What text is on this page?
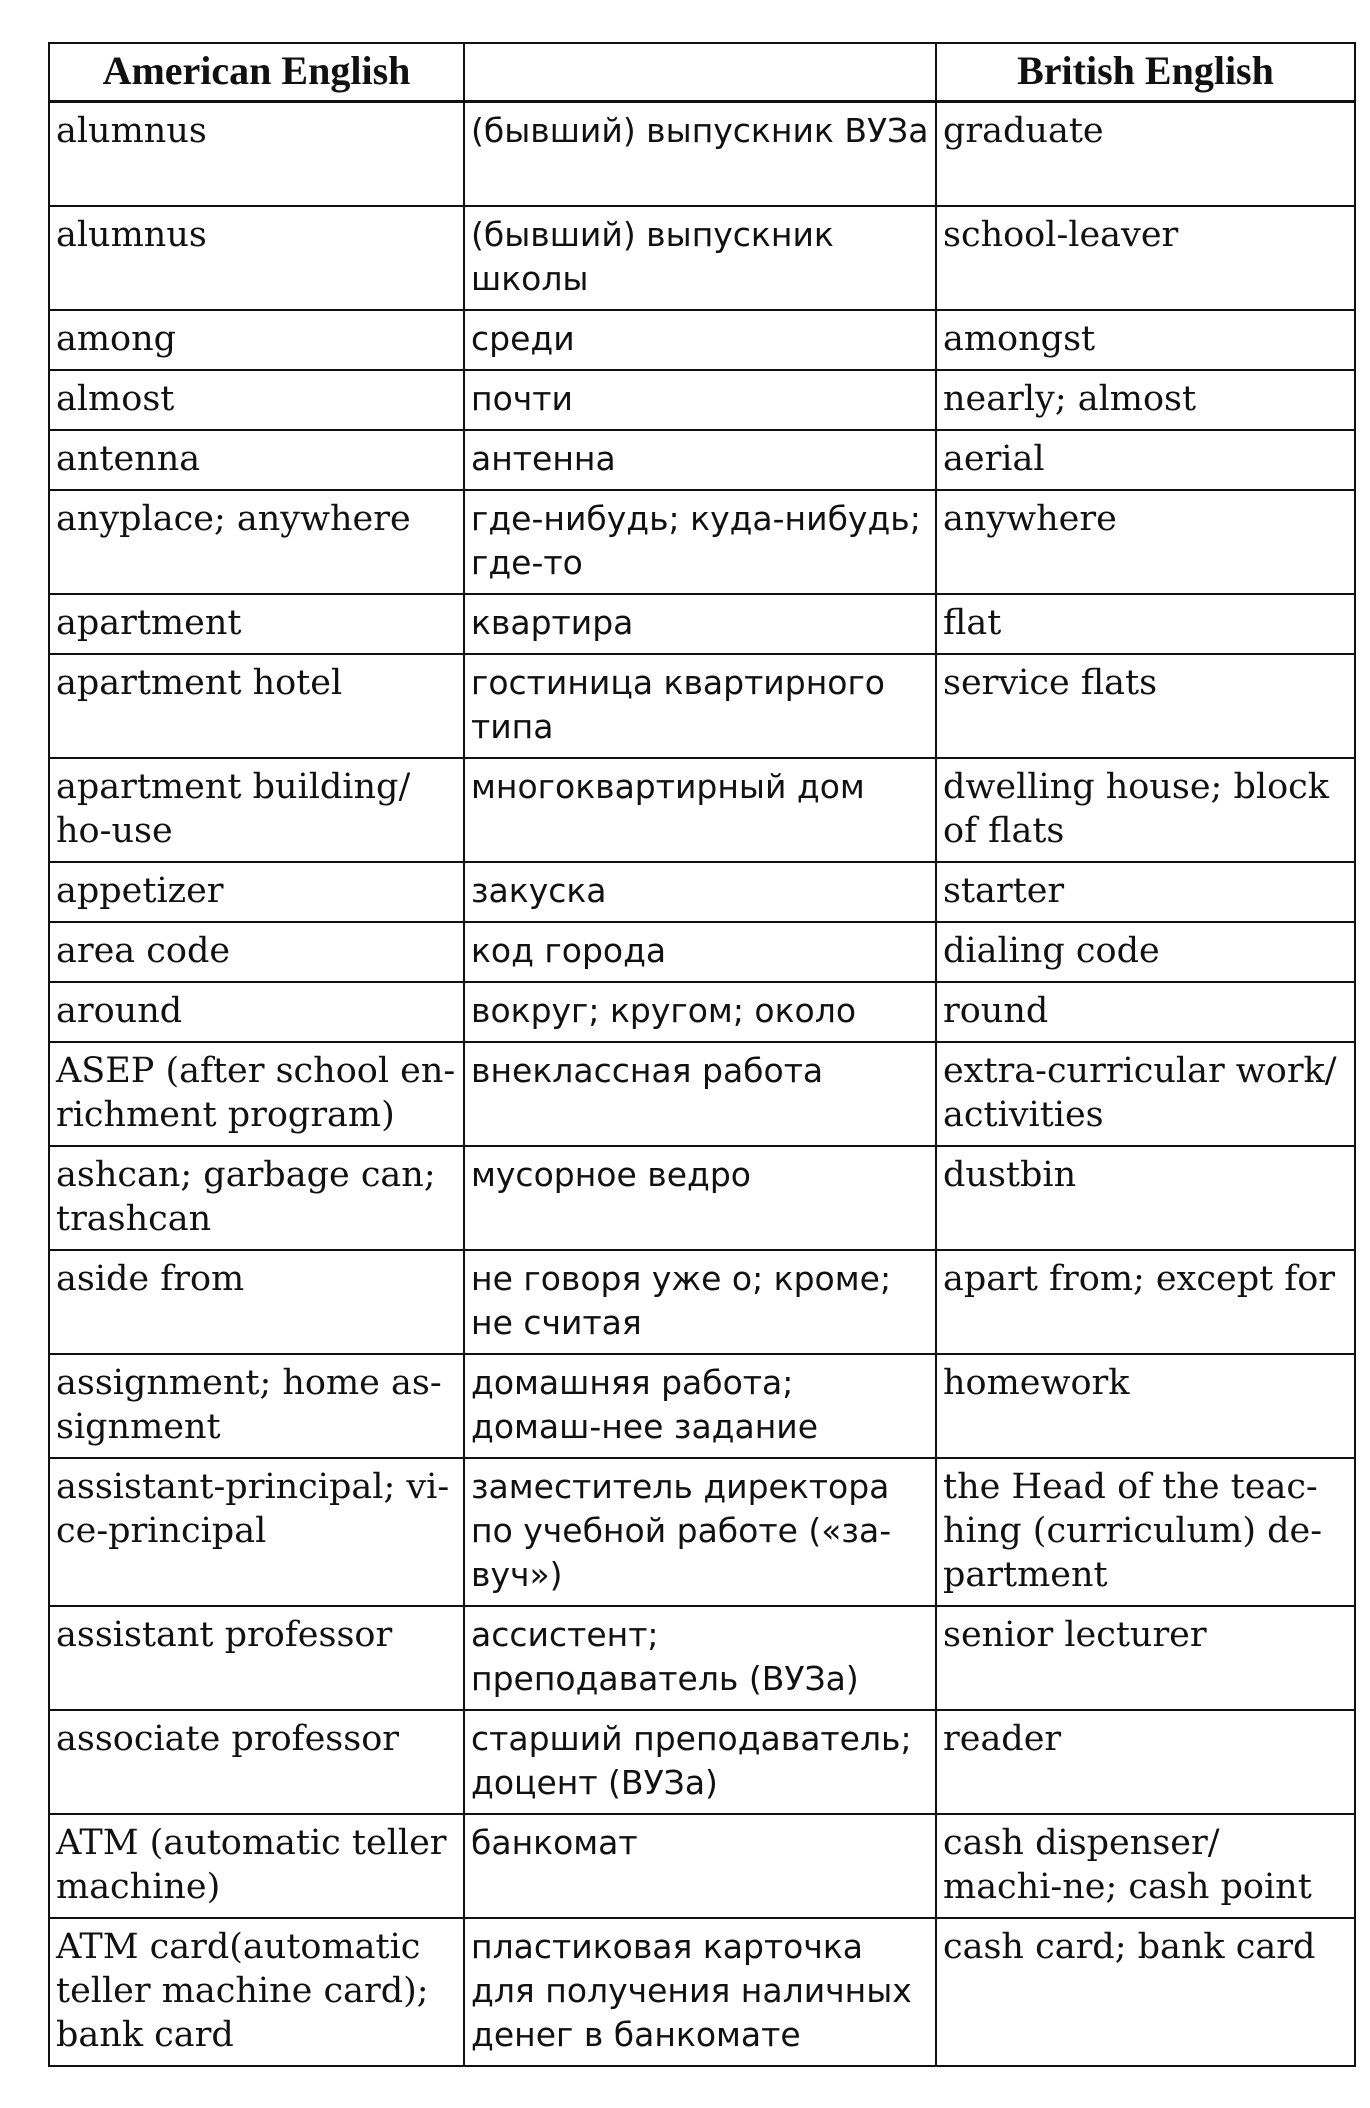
American English		British English
alumnus	(бывший) выпускник ВУЗа	graduate
alumnus	(бывший) выпускник школы	school-leaver
among	среди	amongst
almost	почти	nearly; almost
antenna	антенна	aerial
anyplace; anywhere	где-нибудь; куда-нибудь; где-то	anywhere
apartment	квартира	flat
apartment hotel	гостиница квартирного типа	service flats
apartment building/ ho-use	многоквартирный дом	dwelling house; block of flats
appetizer	закуска	starter
area code	код города	dialing code
around	вокруг; кругом; около	round
ASEP (after school en-richment program)	внеклассная работа	extra-curricular work/ activities
ashcan; garbage can; trashcan	мусорное ведро	dustbin
aside from	не говоря уже о; кроме; не считая	apart from; except for
assignment; home as-signment	домашняя работа; домаш-нее задание	homework
assistant-principal; vi-ce-principal	заместитель директора по учебной работе («за-вуч»)	the Head of the teac-hing (curriculum) de-partment
assistant professor	ассистент; преподаватель (ВУЗа)	senior lecturer
associate professor	старший преподаватель; доцент (ВУЗа)	reader
ATM (automatic teller machine)	банкомат	cash dispenser/ machi-ne; cash point
ATM card(automatic teller machine card); bank card	пластиковая карточка для получения наличных денег в банкомате	cash card; bank card
